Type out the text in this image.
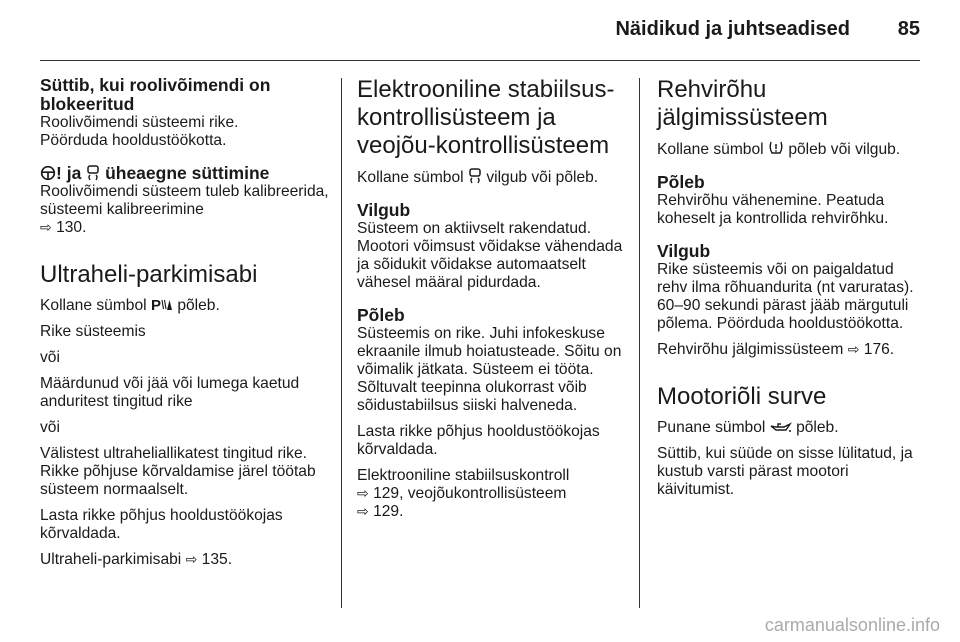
Näidikud ja juhtseadised	85
Süttib, kui roolivõimendi on blokeeritud

Roolivõimendi süsteemi rike.

Pöörduda hooldustöökotta.

! ja üheaegne süttimine

Roolivõimendi süsteem tuleb kalibreerida, süsteemi kalibreerimine

⇨ 130.

Ultraheli-parkimisabi

Kollane sümbol P põleb.

Rike süsteemis

või

Määrdunud või jää või lumega kaetud anduritest tingitud rike

või

Välistest ultraheliallikatest tingitud rike. Rikke põhjuse kõrvaldamise järel töötab süsteem normaalselt.

Lasta rikke põhjus hooldustöökojas kõrvaldada.

Ultraheli-parkimisabi ⇨ 135.

Elektrooniline stabiilsus-kontrollisüsteem ja veojõu-kontrollisüsteem

Kollane sümbol vilgub või põleb.

Vilgub

Süsteem on aktiivselt rakendatud. Mootori võimsust võidakse vähendada ja sõidukit võidakse automaatselt vähesel määral pidurdada.

Põleb

Süsteemis on rike. Juhi infokeskuse ekraanile ilmub hoiatusteade. Sõitu on võimalik jätkata. Süsteem ei tööta. Sõltuvalt teepinna olukorrast võib sõidustabiilsus siiski halveneda.

Lasta rikke põhjus hooldustöökojas kõrvaldada.

Elektrooniline stabiilsuskontroll

⇨ 129, veojõukontrollisüsteem

⇨ 129.

Rehvirõhu jälgimissüsteem

Kollane sümbol põleb või vilgub.

Põleb

Rehvirõhu vähenemine. Peatuda koheselt ja kontrollida rehvirõhku.

Vilgub

Rike süsteemis või on paigaldatud rehv ilma rõhuandurita (nt varuratas). 60–90 sekundi pärast jääb märgutuli põlema. Pöörduda hooldustöökotta.

Rehvirõhu jälgimissüsteem ⇨ 176.

Mootoriõli surve

Punane sümbol põleb.

Süttib, kui süüde on sisse lülitatud, ja kustub varsti pärast mootori käivitumist.

carmanualsonline.info
